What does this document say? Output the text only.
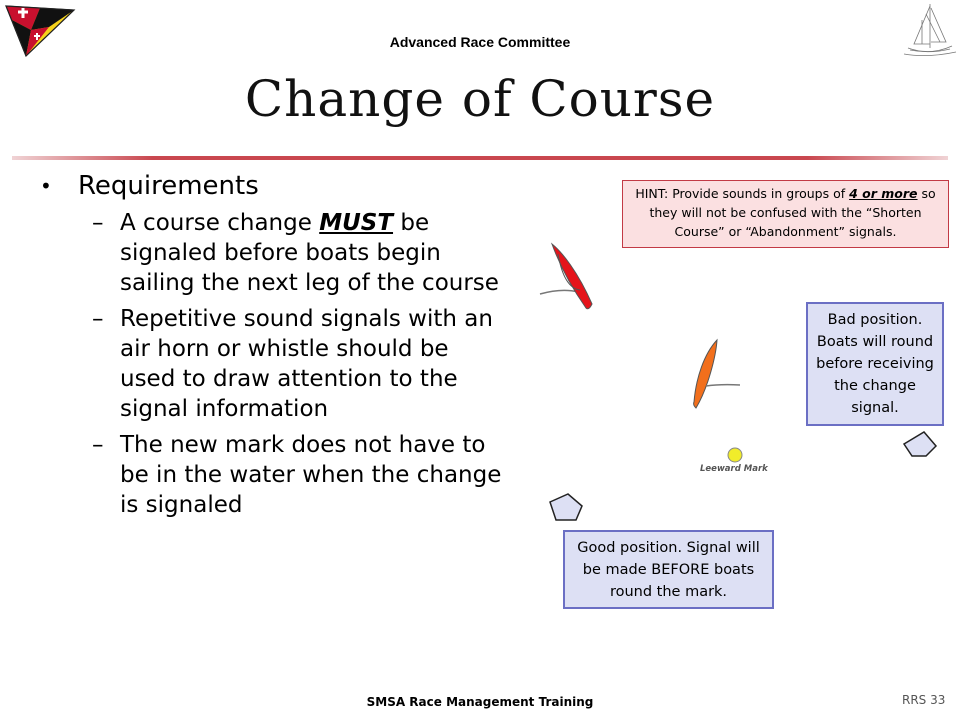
Advanced Race Committee
Change of Course
• Requirements
– A course change MUST be signaled before boats begin sailing the next leg of the course
– Repetitive sound signals with an air horn or whistle should be used to draw attention to the signal information
– The new mark does not have to be in the water when the change is signaled
Leeward Mark
HINT: Provide sounds in groups of 4 or more so they will not be confused with the “Shorten Course” or “Abandonment” signals.
Bad position. Boats will round before receiving the change signal.
Good position. Signal will be made BEFORE boats round the mark.
SMSA Race Management Training	RRS 33
